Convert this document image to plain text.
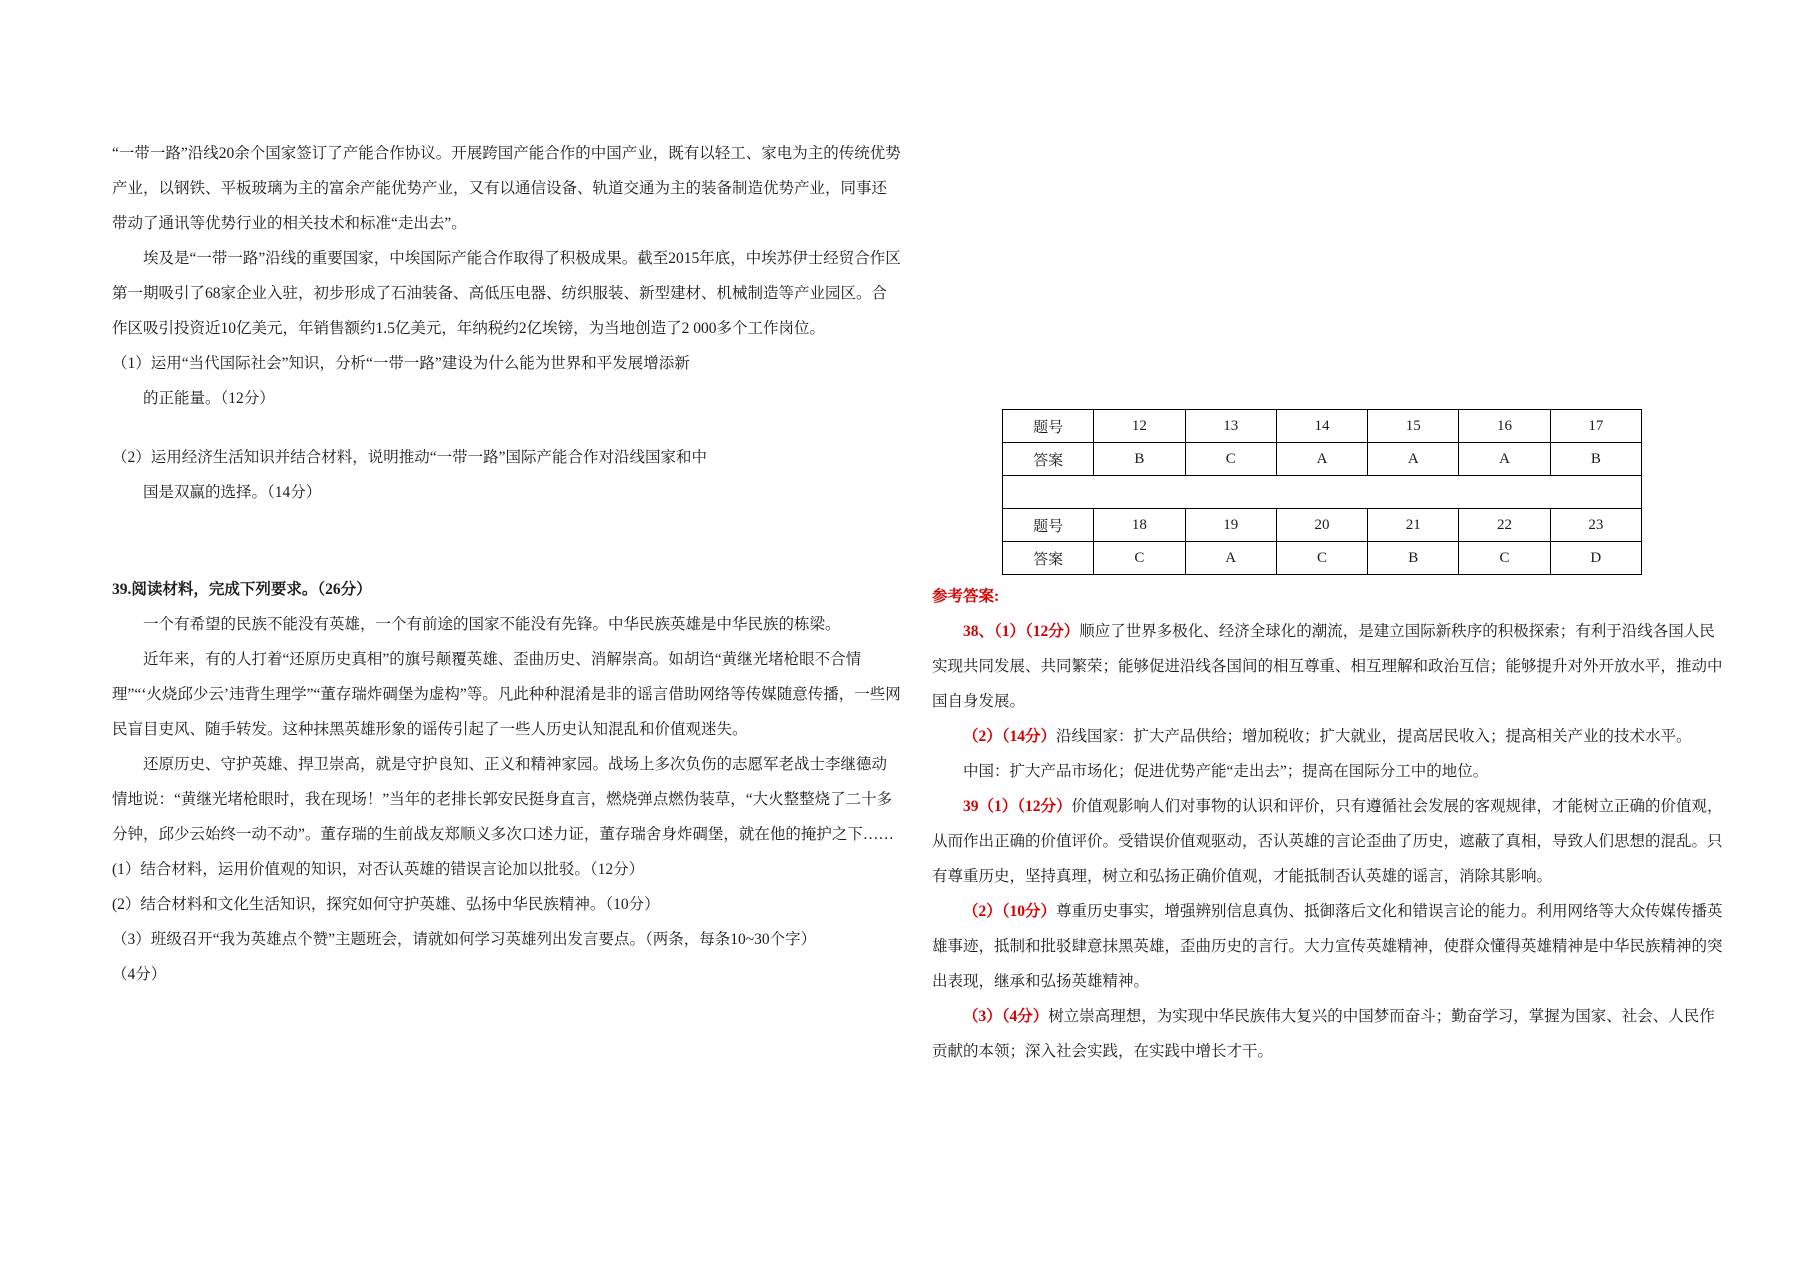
“一带一路”沿线20余个国家签订了产能合作协议。开展跨国产能合作的中国产业，既有以轻工、家电为主的传统优势产业，以钢铁、平板玻璃为主的富余产能优势产业，又有以通信设备、轨道交通为主的装备制造优势产业，同事还带动了通讯等优势行业的相关技术和标准“走出去”。

埃及是“一带一路”沿线的重要国家，中埃国际产能合作取得了积极成果。截至2015年底，中埃苏伊士经贸合作区第一期吸引了68家企业入驻，初步形成了石油装备、高低压电器、纺织服装、新型建材、机械制造等产业园区。合作区吸引投资近10亿美元，年销售额约1.5亿美元，年纳税约2亿埃镑，为当地创造了2 000多个工作岗位。

（1）运用“当代国际社会”知识，分析“一带一路”建设为什么能为世界和平发展增添新

的正能量。（12分）

（2）运用经济生活知识并结合材料，说明推动“一带一路”国际产能合作对沿线国家和中

国是双赢的选择。（14分）

39.阅读材料，完成下列要求。（26分）

一个有希望的民族不能没有英雄，一个有前途的国家不能没有先锋。中华民族英雄是中华民族的栋梁。

近年来，有的人打着“还原历史真相”的旗号颠覆英雄、歪曲历史、消解崇高。如胡诌“黄继光堵枪眼不合情理”“‘火烧邱少云’违背生理学”“董存瑞炸碉堡为虚构”等。凡此种种混淆是非的谣言借助网络等传媒随意传播，一些网民盲目吏风、随手转发。这种抹黑英雄形象的谣传引起了一些人历史认知混乱和价值观迷失。

还原历史、守护英雄、捍卫崇高，就是守护良知、正义和精神家园。战场上多次负伤的志愿军老战士李继德动情地说：“黄继光堵枪眼时，我在现场！”当年的老排长郭安民挺身直言，燃烧弹点燃伪装草，“大火整整烧了二十多分钟，邱少云始终一动不动”。董存瑞的生前战友郑顺义多次口述力证，董存瑞舍身炸碉堡，就在他的掩护之下……

(1）结合材料，运用价值观的知识，对否认英雄的错误言论加以批驳。（12分）

(2）结合材料和文化生活知识，探究如何守护英雄、弘扬中华民族精神。（10分）

（3）班级召开“我为英雄点个赞”主题班会，请就如何学习英雄列出发言要点。（两条，每条10~30个字）

（4分）

题号	12	13	14	15	16	17
答案	B	C	A	A	A	B

题号	18	19	20	21	22	23
答案	C	A	C	B	C	D

参考答案:

38、（1）（12分）顺应了世界多极化、经济全球化的潮流，是建立国际新秩序的积极探索；有利于沿线各国人民实现共同发展、共同繁荣；能够促进沿线各国间的相互尊重、相互理解和政治互信；能够提升对外开放水平，推动中国自身发展。

（2）（14分）沿线国家：扩大产品供给；增加税收；扩大就业，提高居民收入；提高相关产业的技术水平。

中国：扩大产品市场化；促进优势产能“走出去”；提高在国际分工中的地位。

39（1）（12分）价值观影响人们对事物的认识和评价，只有遵循社会发展的客观规律，才能树立正确的价值观，从而作出正确的价值评价。受错误价值观驱动，否认英雄的言论歪曲了历史，遮蔽了真相，导致人们思想的混乱。只有尊重历史，坚持真理，树立和弘扬正确价值观，才能抵制否认英雄的谣言，消除其影响。

（2）（10分）尊重历史事实，增强辨别信息真伪、抵御落后文化和错误言论的能力。利用网络等大众传媒传播英雄事迹，抵制和批驳肆意抹黑英雄，歪曲历史的言行。大力宣传英雄精神，使群众懂得英雄精神是中华民族精神的突出表现，继承和弘扬英雄精神。

（3）（4分）树立崇高理想，为实现中华民族伟大复兴的中国梦而奋斗；勤奋学习，掌握为国家、社会、人民作贡献的本领；深入社会实践，在实践中增长才干。
